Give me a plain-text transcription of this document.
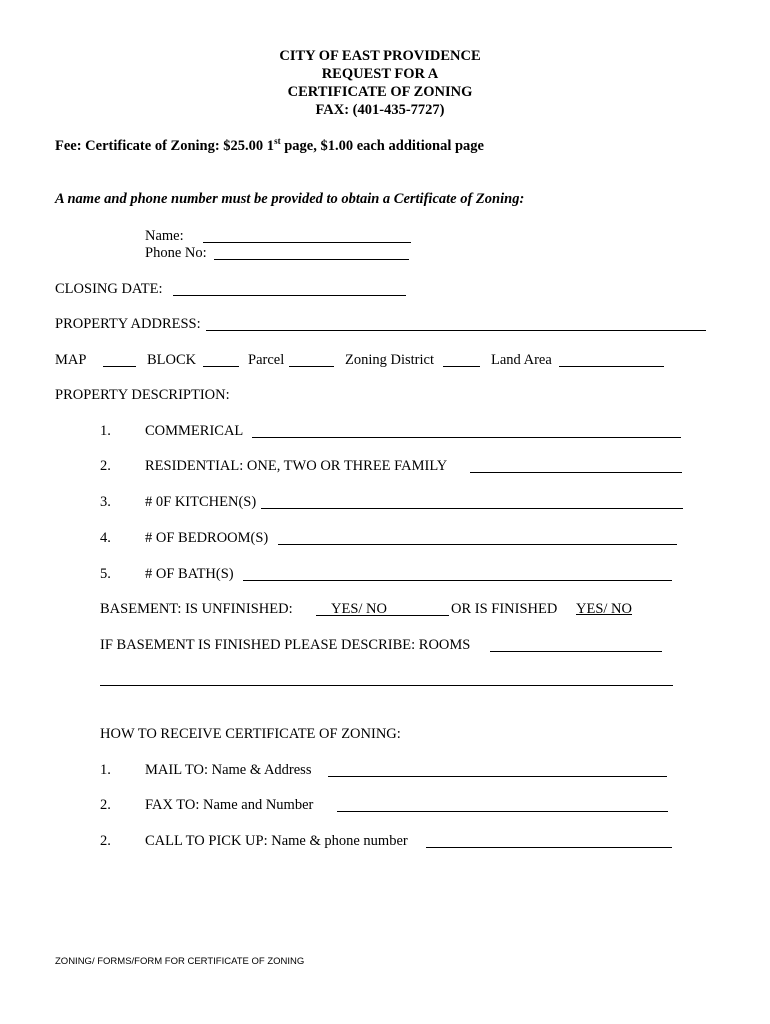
CITY OF EAST PROVIDENCE
REQUEST FOR A
CERTIFICATE OF ZONING
FAX: (401-435-7727)
Fee: Certificate of Zoning: $25.00 1st page, $1.00 each additional page
A name and phone number must be provided to obtain a Certificate of Zoning:
Name:
Phone No:
CLOSING DATE:
PROPERTY ADDRESS:
MAP	BLOCK	Parcel	Zoning District	Land Area
PROPERTY DESCRIPTION:
1. COMMERICAL
2. RESIDENTIAL: ONE, TWO OR THREE FAMILY
3. # 0F KITCHEN(S)
4. # OF BEDROOM(S)
5. # OF BATH(S)
BASEMENT: IS UNFINISHED:	YES/ NO	OR IS FINISHED YES/ NO
IF BASEMENT IS FINISHED PLEASE DESCRIBE: ROOMS
HOW TO RECEIVE CERTIFICATE OF ZONING:
1. MAIL TO: Name & Address
2. FAX TO: Name and Number
2. CALL TO PICK UP: Name & phone number
ZONING/ FORMS/FORM FOR CERTIFICATE OF ZONING
